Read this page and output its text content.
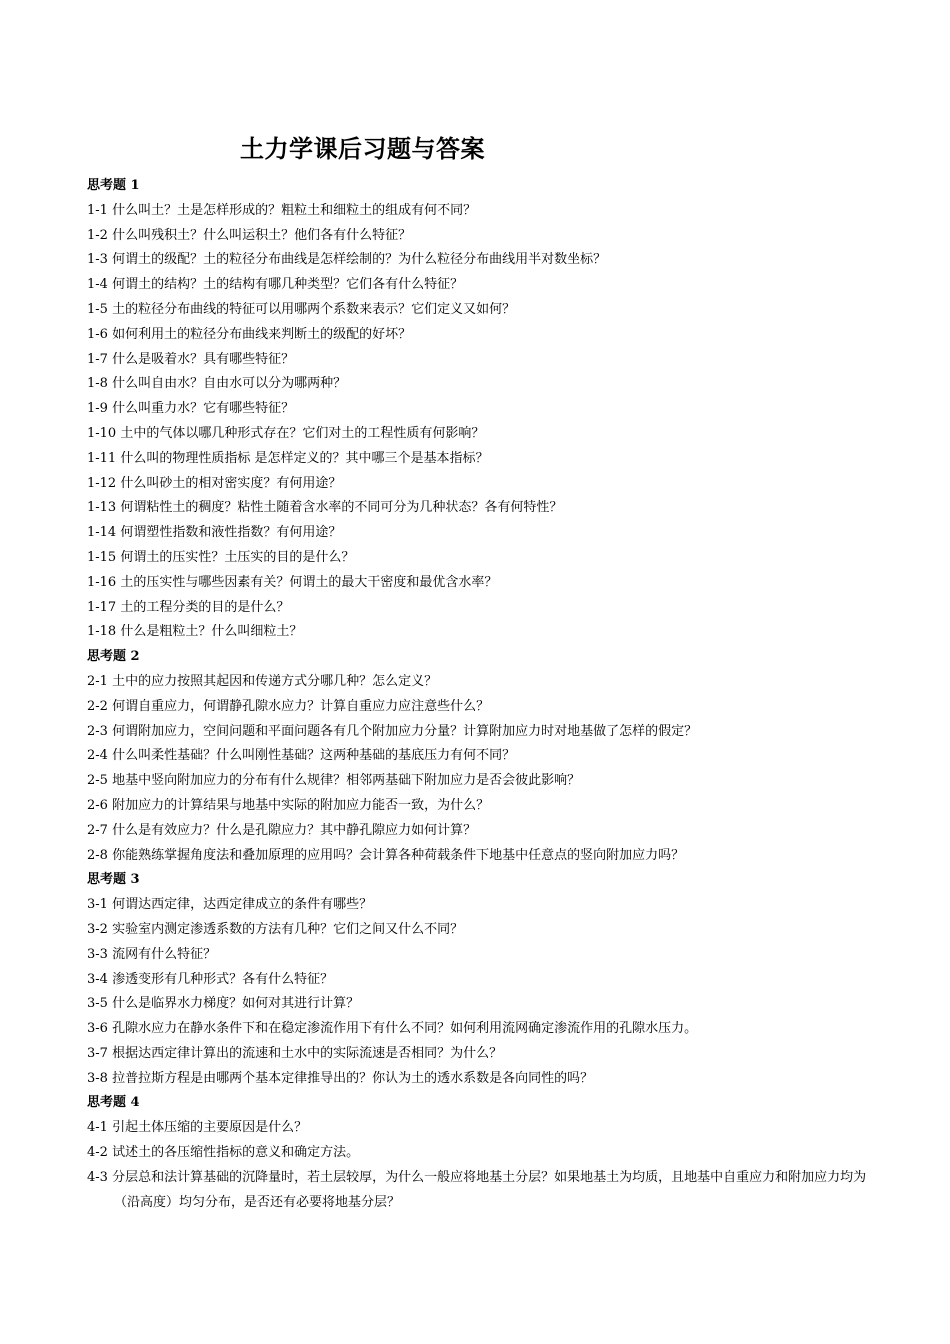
土力学课后习题与答案
思考题 1
1-1 什么叫土？土是怎样形成的？粗粒土和细粒土的组成有何不同？
1-2 什么叫残积土？什么叫运积土？他们各有什么特征？
1-3 何谓土的级配？土的粒径分布曲线是怎样绘制的？为什么粒径分布曲线用半对数坐标？
1-4 何谓土的结构？土的结构有哪几种类型？它们各有什么特征？
1-5 土的粒径分布曲线的特征可以用哪两个系数来表示？它们定义又如何？
1-6 如何利用土的粒径分布曲线来判断土的级配的好坏？
1-7 什么是吸着水？具有哪些特征？
1-8 什么叫自由水？自由水可以分为哪两种？
1-9 什么叫重力水？它有哪些特征？
1-10 土中的气体以哪几种形式存在？它们对土的工程性质有何影响？
1-11 什么叫的物理性质指标 是怎样定义的？其中哪三个是基本指标？
1-12 什么叫砂土的相对密实度？有何用途？
1-13 何谓粘性土的稠度？粘性土随着含水率的不同可分为几种状态？各有何特性？
1-14 何谓塑性指数和液性指数？有何用途？
1-15 何谓土的压实性？土压实的目的是什么？
1-16 土的压实性与哪些因素有关？何谓土的最大干密度和最优含水率？
1-17 土的工程分类的目的是什么？
1-18 什么是粗粒土？什么叫细粒土？
思考题 2
2-1 土中的应力按照其起因和传递方式分哪几种？怎么定义？
2-2 何谓自重应力，何谓静孔隙水应力？计算自重应力应注意些什么？
2-3 何谓附加应力，空间问题和平面问题各有几个附加应力分量？计算附加应力时对地基做了怎样的假定？
2-4 什么叫柔性基础？什么叫刚性基础？这两种基础的基底压力有何不同？
2-5 地基中竖向附加应力的分布有什么规律？相邻两基础下附加应力是否会彼此影响？
2-6 附加应力的计算结果与地基中实际的附加应力能否一致，为什么？
2-7 什么是有效应力？什么是孔隙应力？其中静孔隙应力如何计算？
2-8 你能熟练掌握角度法和叠加原理的应用吗？会计算各种荷载条件下地基中任意点的竖向附加应力吗？
思考题 3
3-1 何谓达西定律，达西定律成立的条件有哪些？
3-2 实验室内测定渗透系数的方法有几种？它们之间又什么不同？
3-3 流网有什么特征？
3-4 渗透变形有几种形式？各有什么特征？
3-5 什么是临界水力梯度？如何对其进行计算？
3-6 孔隙水应力在静水条件下和在稳定渗流作用下有什么不同？如何利用流网确定渗流作用的孔隙水压力。
3-7 根据达西定律计算出的流速和土水中的实际流速是否相同？为什么？
3-8 拉普拉斯方程是由哪两个基本定律推导出的？你认为土的透水系数是各向同性的吗？
思考题 4
4-1 引起土体压缩的主要原因是什么？
4-2 试述土的各压缩性指标的意义和确定方法。
4-3 分层总和法计算基础的沉降量时，若土层较厚，为什么一般应将地基土分层？如果地基土为均质，且地基中自重应力和附加应力均为（沿高度）均匀分布，是否还有必要将地基分层？
